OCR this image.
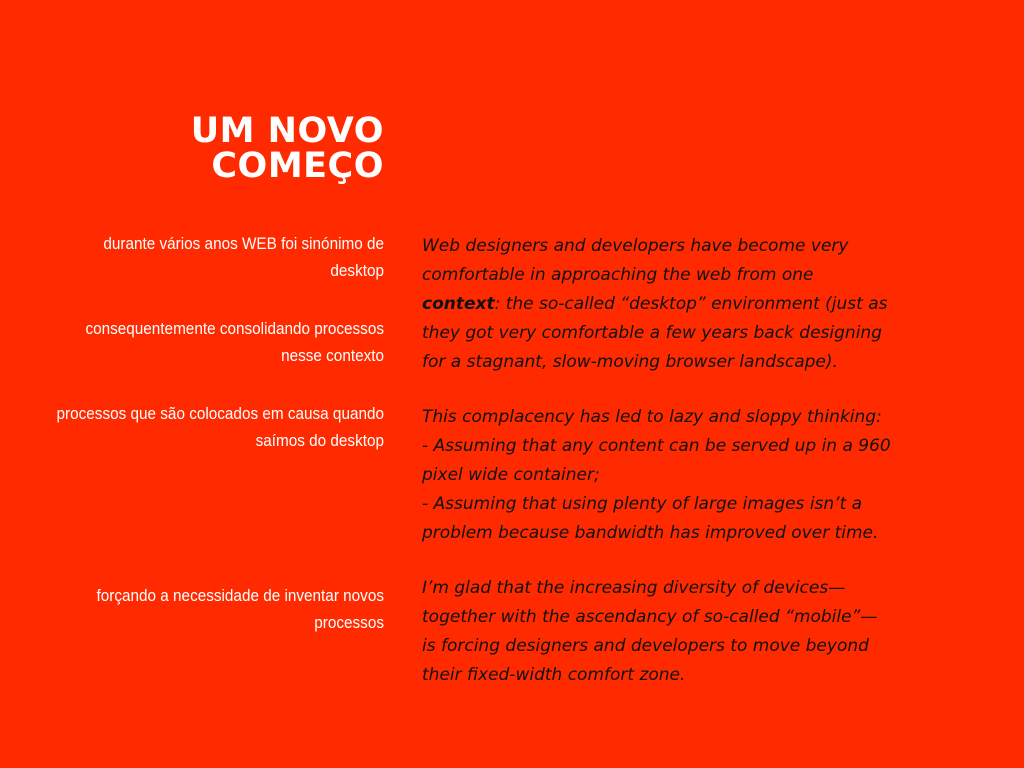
UM NOVO
COMEÇO

durante vários anos WEB foi sinónimo de desktop

consequentemente consolidando processos nesse contexto

processos que são colocados em causa quando saímos do desktop

forçando a necessidade de inventar novos processos

Web designers and developers have become very

comfortable in approaching the web from one

context: the so-called “desktop” environment (just as

they got very comfortable a few years back designing

for a stagnant, slow-moving browser landscape).

This complacency has led to lazy and sloppy thinking:

- Assuming that any content can be served up in a 960

pixel wide container;

- Assuming that using plenty of large images isn’t a

problem because bandwidth has improved over time.

I’m glad that the increasing diversity of devices—

together with the ascendancy of so-called “mobile”—

is forcing designers and developers to move beyond

their fixed-width comfort zone.
